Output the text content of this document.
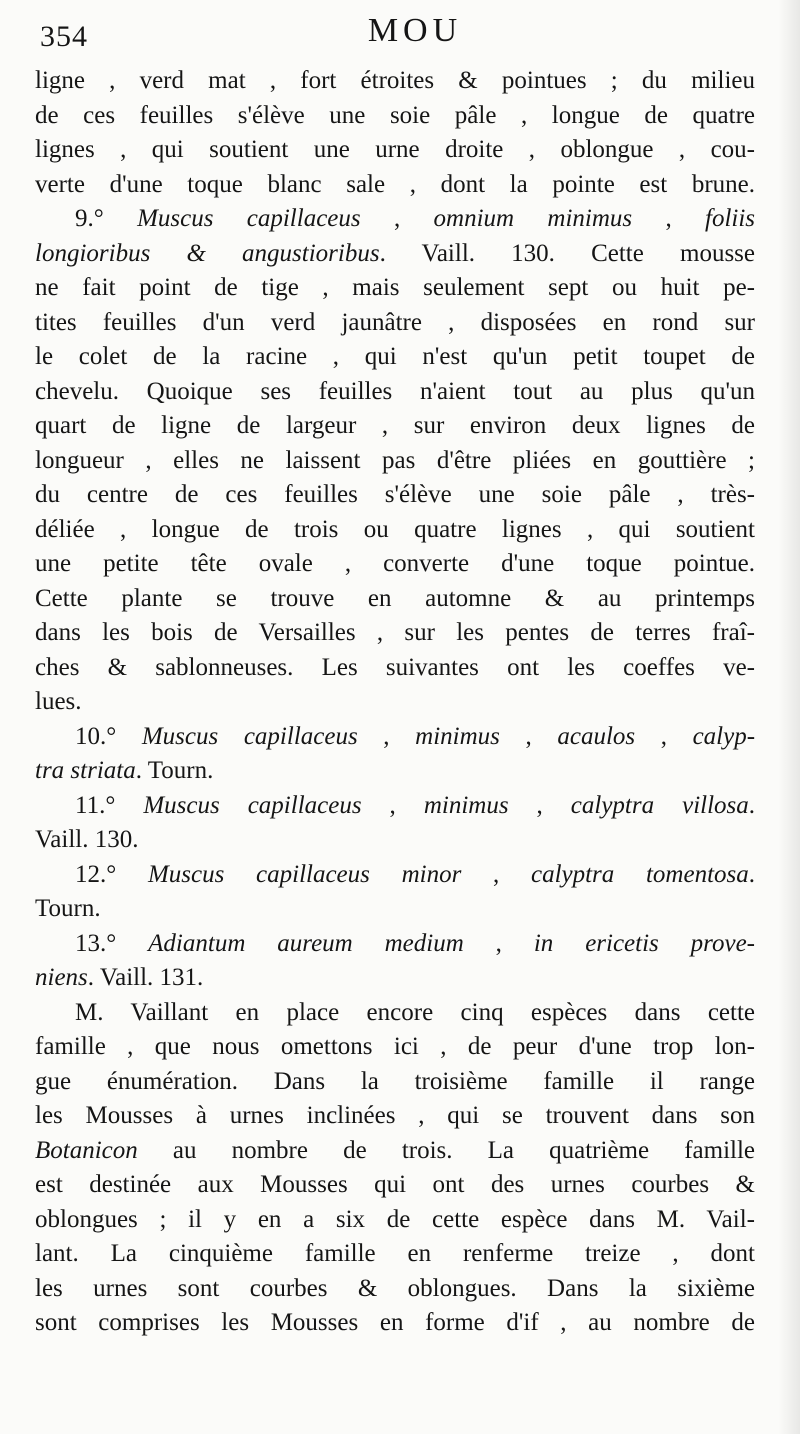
354	MOU
ligne , verd mat , fort étroites & pointues ; du milieu
de ces feuilles s'élève une soie pâle , longue de quatre
lignes , qui soutient une urne droite , oblongue , cou-
verte d'une toque blanc sale , dont la pointe est brune.
9.° Muscus capillaceus , omnium minimus , foliis
longioribus & angustioribus. Vaill. 130. Cette mousse
ne fait point de tige , mais seulement sept ou huit pe-
tites feuilles d'un verd jaunâtre , disposées en rond sur
le colet de la racine , qui n'est qu'un petit toupet de
chevelu. Quoique ses feuilles n'aient tout au plus qu'un
quart de ligne de largeur , sur environ deux lignes de
longueur , elles ne laissent pas d'être pliées en gouttière ;
du centre de ces feuilles s'élève une soie pâle , très-
déliée , longue de trois ou quatre lignes , qui soutient
une petite tête ovale , converte d'une toque pointue.
Cette plante se trouve en automne & au printemps
dans les bois de Versailles , sur les pentes de terres fraî-
ches & sablonneuses. Les suivantes ont les coeffes ve-
lues.
10.° Muscus capillaceus , minimus , acaulos , calyp-
tra striata. Tourn.
11.° Muscus capillaceus , minimus , calyptra villosa.
Vaill. 130.
12.° Muscus capillaceus minor , calyptra tomentosa.
Tourn.
13.° Adiantum aureum medium , in ericetis prove-
niens. Vaill. 131.
M. Vaillant en place encore cinq espèces dans cette
famille , que nous omettons ici , de peur d'une trop lon-
gue énumération. Dans la troisième famille il range
les Mousses à urnes inclinées , qui se trouvent dans son
Botanicon au nombre de trois. La quatrième famille
est destinée aux Mousses qui ont des urnes courbes &
oblongues ; il y en a six de cette espèce dans M. Vail-
lant. La cinquième famille en renferme treize , dont
les urnes sont courbes & oblongues. Dans la sixième
sont comprises les Mousses en forme d'if , au nombre de
